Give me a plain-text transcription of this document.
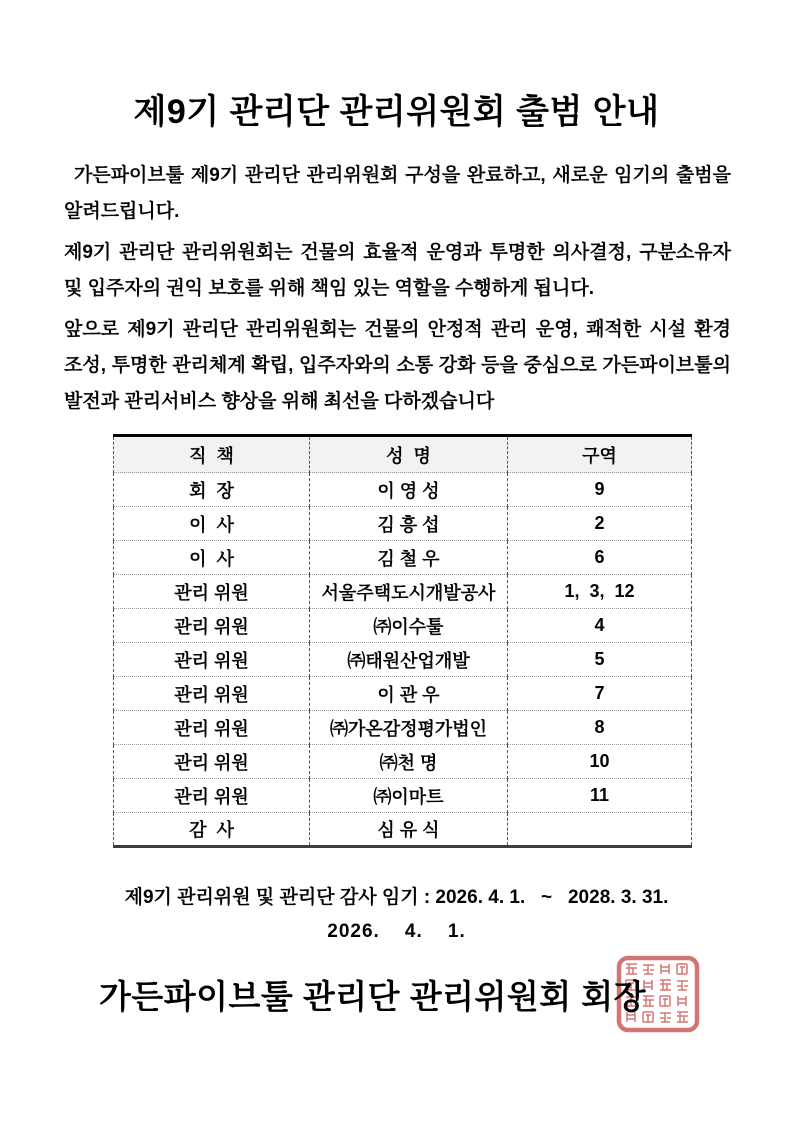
제9기 관리단 관리위원회 출범 안내

가든파이브툴 제9기 관리단 관리위원회 구성을 완료하고, 새로운 임기의 출범을 알려드립니다.

제9기 관리단 관리위원회는 건물의 효율적 운영과 투명한 의사결정, 구분소유자 및 입주자의 권익 보호를 위해 책임 있는 역할을 수행하게 됩니다.

앞으로 제9기 관리단 관리위원회는 건물의 안정적 관리 운영, 쾌적한 시설 환경 조성, 투명한 관리체계 확립, 입주자와의 소통 강화 등을 중심으로 가든파이브툴의 발전과 관리서비스 향상을 위해 최선을 다하겠습니다

직  책	성  명	구역
회  장	이 영 성	9
이  사	김 흥 섭	2
이  사	김 철 우	6
관리 위원	서울주택도시개발공사	1,  3,  12
관리 위원	㈜이수툴	4
관리 위원	㈜태원산업개발	5
관리 위원	이 관 우	7
관리 위원	㈜가온감정평가법인	8
관리 위원	㈜천 명	10
관리 위원	㈜이마트	11
감  사	심 유 식	

제9기 관리위원 및 관리단 감사 임기 : 2026. 4. 1.   ~   2028. 3. 31.

2026.    4.    1.

가든파이브툴 관리단 관리위원회 회장
